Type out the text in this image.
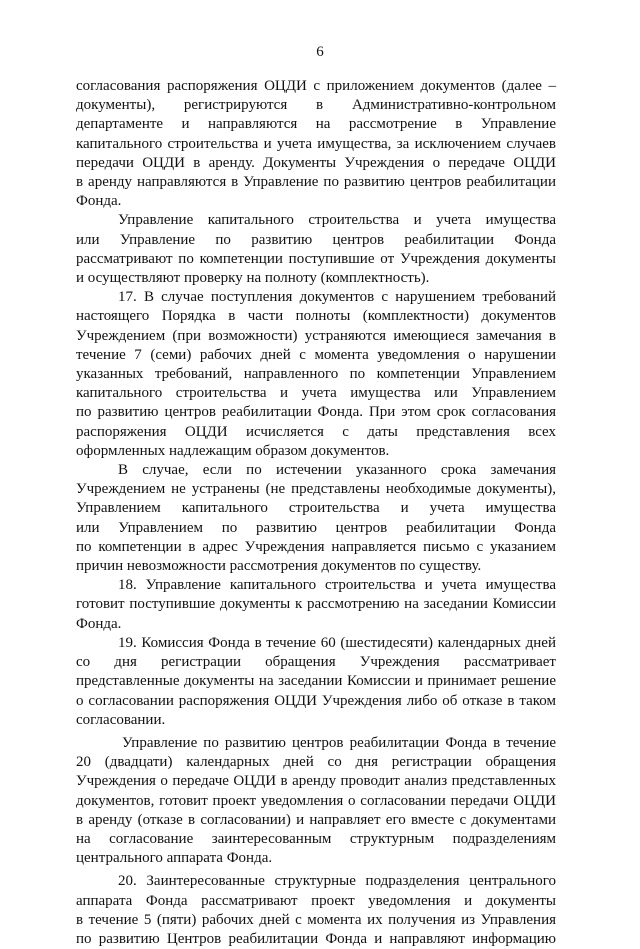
6
согласования распоряжения ОЦДИ с приложением документов (далее –
документы), регистрируются в Административно-контрольном
департаменте и направляются на рассмотрение в Управление
капитального строительства и учета имущества, за исключением случаев
передачи ОЦДИ в аренду. Документы Учреждения о передаче ОЦДИ
в аренду направляются в Управление по развитию центров реабилитации
Фонда.
Управление капитального строительства и учета имущества
или Управление по развитию центров реабилитации Фонда
рассматривают по компетенции поступившие от Учреждения документы
и осуществляют проверку на полноту (комплектность).
17. В случае поступления документов с нарушением требований
настоящего Порядка в части полноты (комплектности) документов
Учреждением (при возможности) устраняются имеющиеся замечания в
течение 7 (семи) рабочих дней с момента уведомления о нарушении
указанных требований, направленного по компетенции Управлением
капитального строительства и учета имущества или Управлением
по развитию центров реабилитации Фонда. При этом срок согласования
распоряжения ОЦДИ исчисляется с даты представления всех
оформленных надлежащим образом документов.
В случае, если по истечении указанного срока замечания
Учреждением не устранены (не представлены необходимые документы),
Управлением капитального строительства и учета имущества
или Управлением по развитию центров реабилитации Фонда
по компетенции в адрес Учреждения направляется письмо с указанием
причин невозможности рассмотрения документов по существу.
18. Управление капитального строительства и учета имущества
готовит поступившие документы к рассмотрению на заседании Комиссии
Фонда.
19. Комиссия Фонда в течение 60 (шестидесяти) календарных дней
со дня регистрации обращения Учреждения рассматривает
представленные документы на заседании Комиссии и принимает решение
о согласовании распоряжения ОЦДИ Учреждения либо об отказе в таком
согласовании.
Управление по развитию центров реабилитации Фонда в течение
20 (двадцати) календарных дней со дня регистрации обращения
Учреждения о передаче ОЦДИ в аренду проводит анализ представленных
документов, готовит проект уведомления о согласовании передачи ОЦДИ
в аренду (отказе в согласовании) и направляет его вместе с документами
на согласование заинтересованным структурным подразделениям
центрального аппарата Фонда.
20. Заинтересованные структурные подразделения центрального
аппарата Фонда рассматривают проект уведомления и документы
в течение 5 (пяти) рабочих дней с момента их получения из Управления
по развитию Центров реабилитации Фонда и направляют информацию
